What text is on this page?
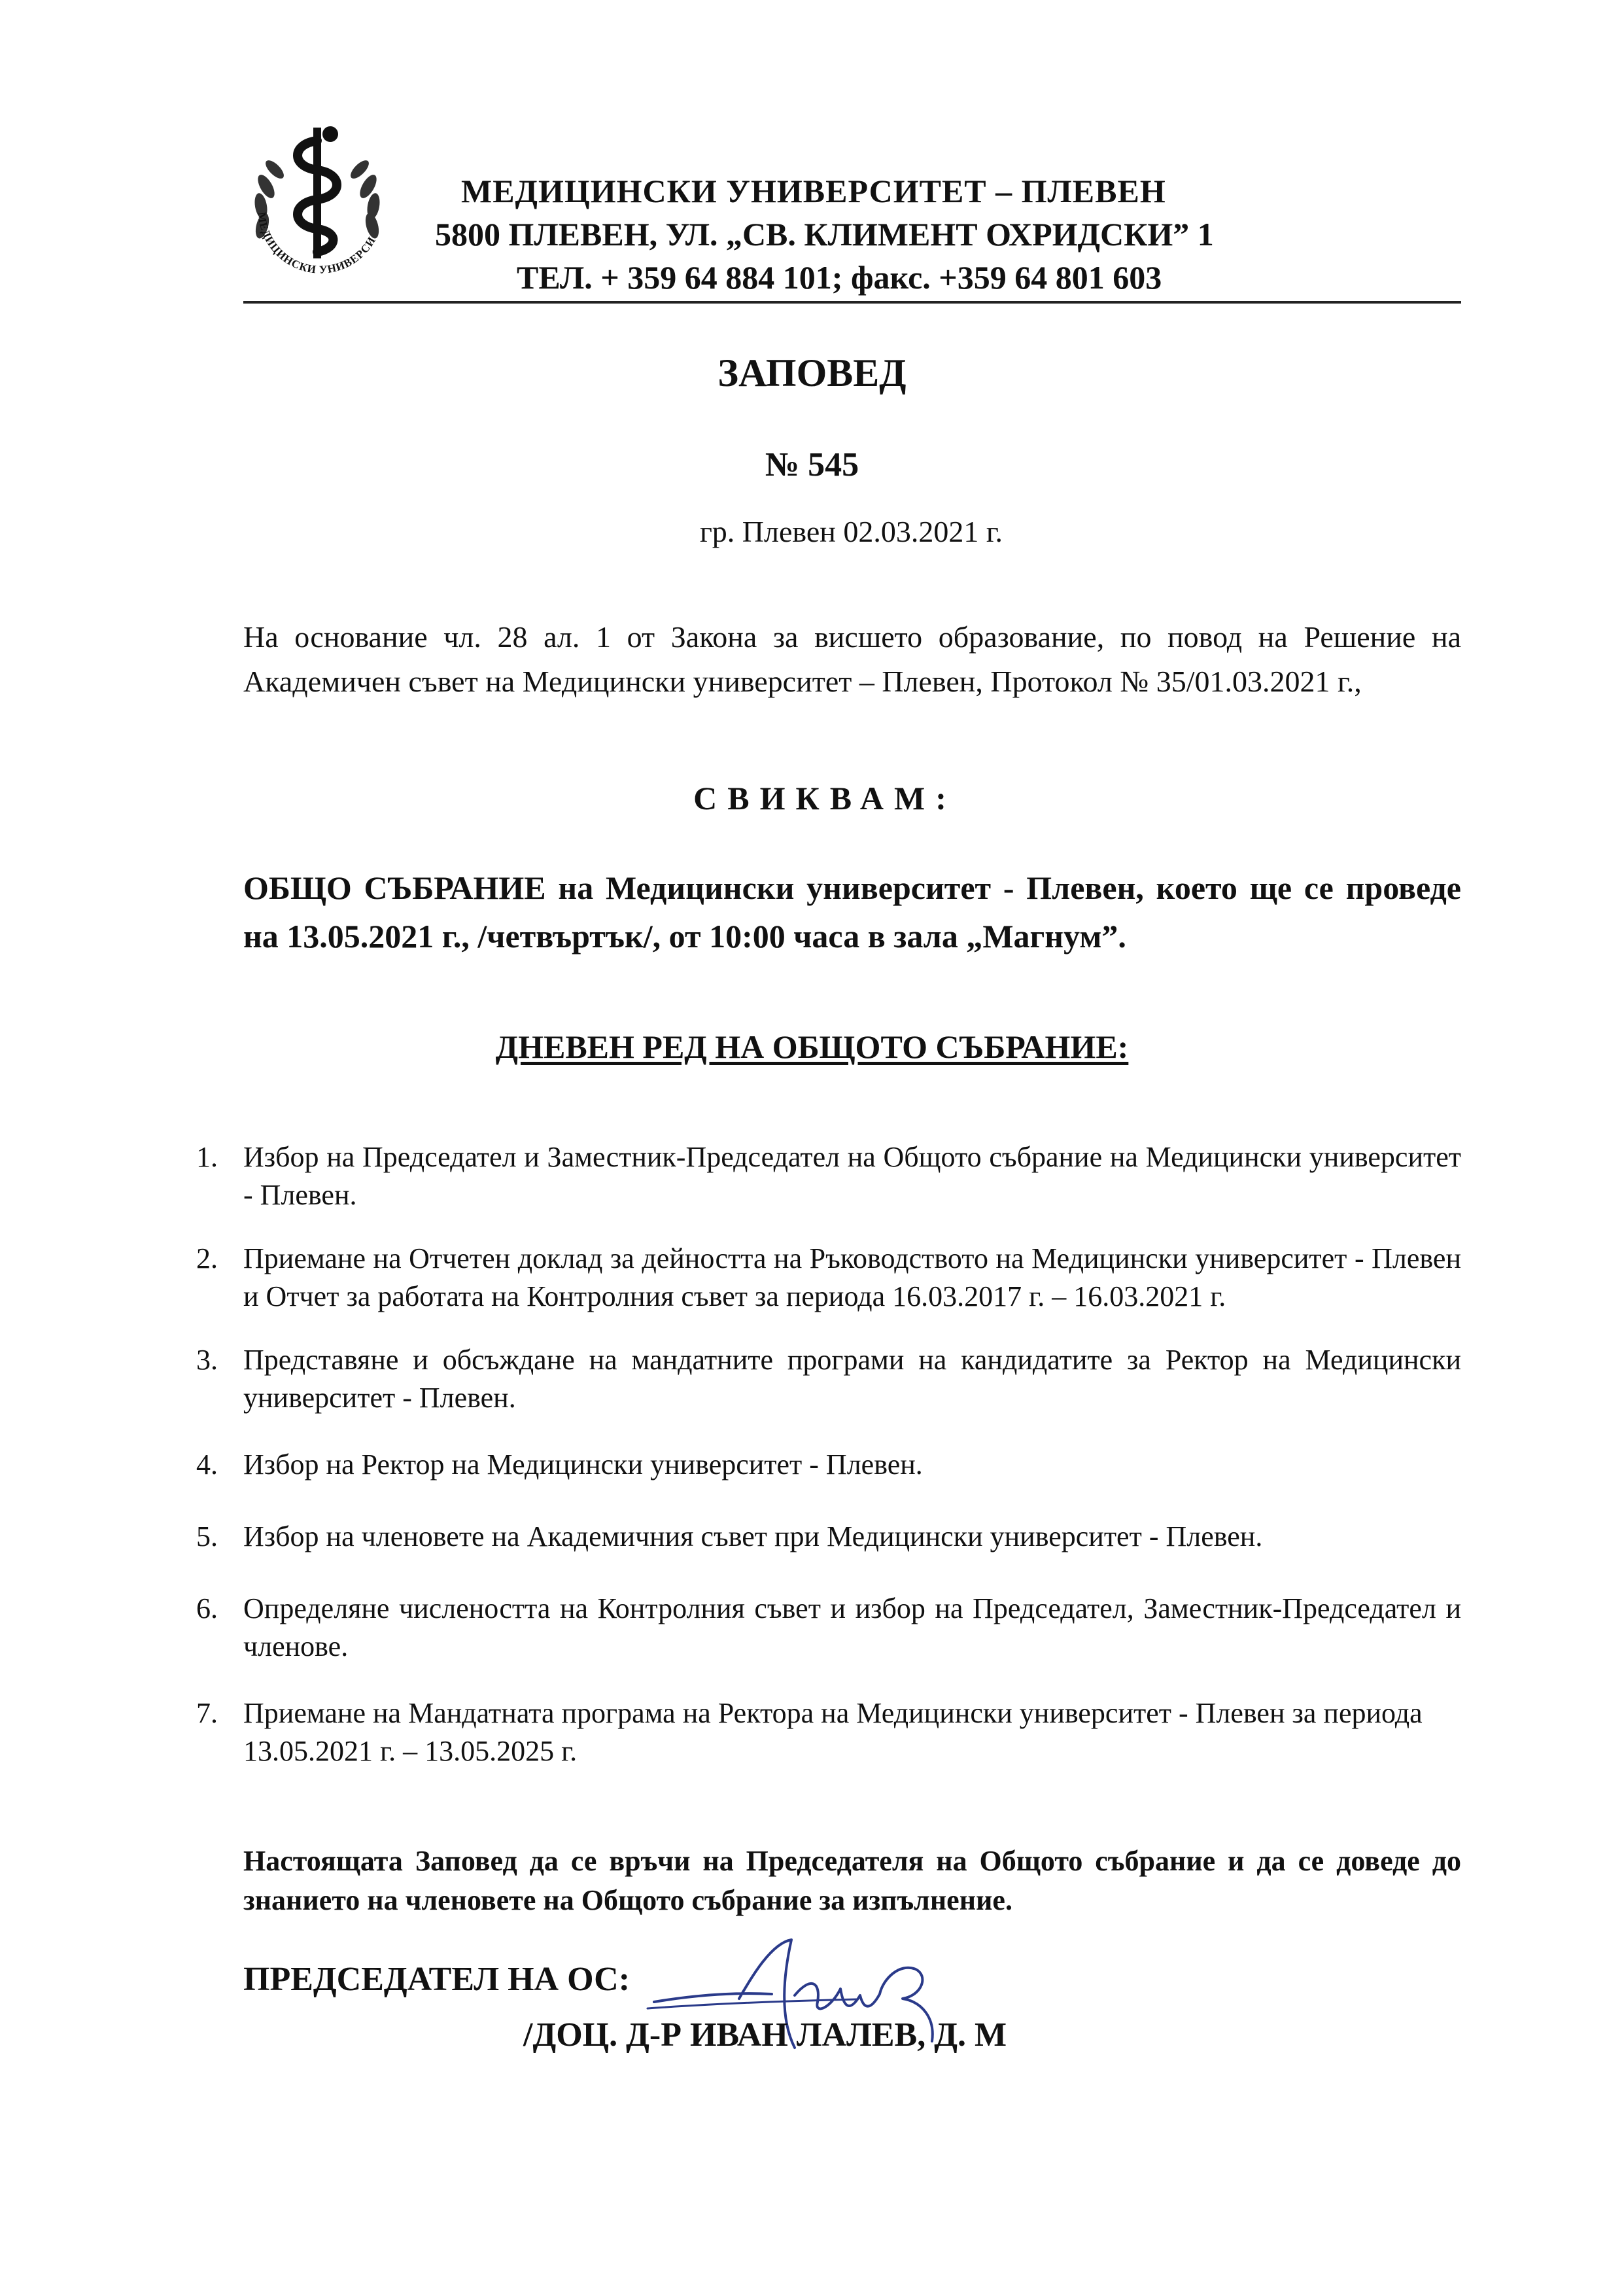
МЕДИЦИНСКИ УНИВЕРСИ
МЕДИЦИНСКИ УНИВЕРСИТЕТ – ПЛЕВЕН
5800 ПЛЕВЕН, УЛ. „СВ. КЛИМЕНТ ОХРИДСКИ” 1
ТЕЛ. + 359 64 884 101; факс. +359 64 801 603
ЗАПОВЕД
№ 545
гр. Плевен 02.03.2021 г.
На основание чл. 28 ал. 1 от Закона за висшето образование, по повод на Решение на Академичен съвет на Медицински университет – Плевен, Протокол № 35/01.03.2021 г.,
СВИКВАМ:
ОБЩО СЪБРАНИЕ на Медицински университет - Плевен, което ще се проведе на 13.05.2021 г., /четвъртък/, от 10:00 часа в зала „Магнум”.
ДНЕВЕН РЕД НА ОБЩОТО СЪБРАНИЕ:
1. Избор на Председател и Заместник-Председател на Общото събрание на Медицински университет - Плевен.
2. Приемане на Отчетен доклад за дейността на Ръководството на Медицински университет - Плевен и Отчет за работата на Контролния съвет за периода 16.03.2017 г. – 16.03.2021 г.
3. Представяне и обсъждане на мандатните програми на кандидатите за Ректор на Медицински университет - Плевен.
4. Избор на Ректор на Медицински университет - Плевен.
5. Избор на членовете на Академичния съвет при Медицински университет - Плевен.
6. Определяне числеността на Контролния съвет и избор на Председател, Заместник-Председател и членове.
7. Приемане на Мандатната програма на Ректора на Медицински университет - Плевен за периода 13.05.2021 г. – 13.05.2025 г.
Настоящата Заповед да се връчи на Председателя на Общото събрание и да се доведе до знанието на членовете на Общото събрание за изпълнение.
ПРЕДСЕДАТЕЛ НА ОС:
/ДОЦ. Д-Р ИВАН ЛАЛЕВ, Д. М
